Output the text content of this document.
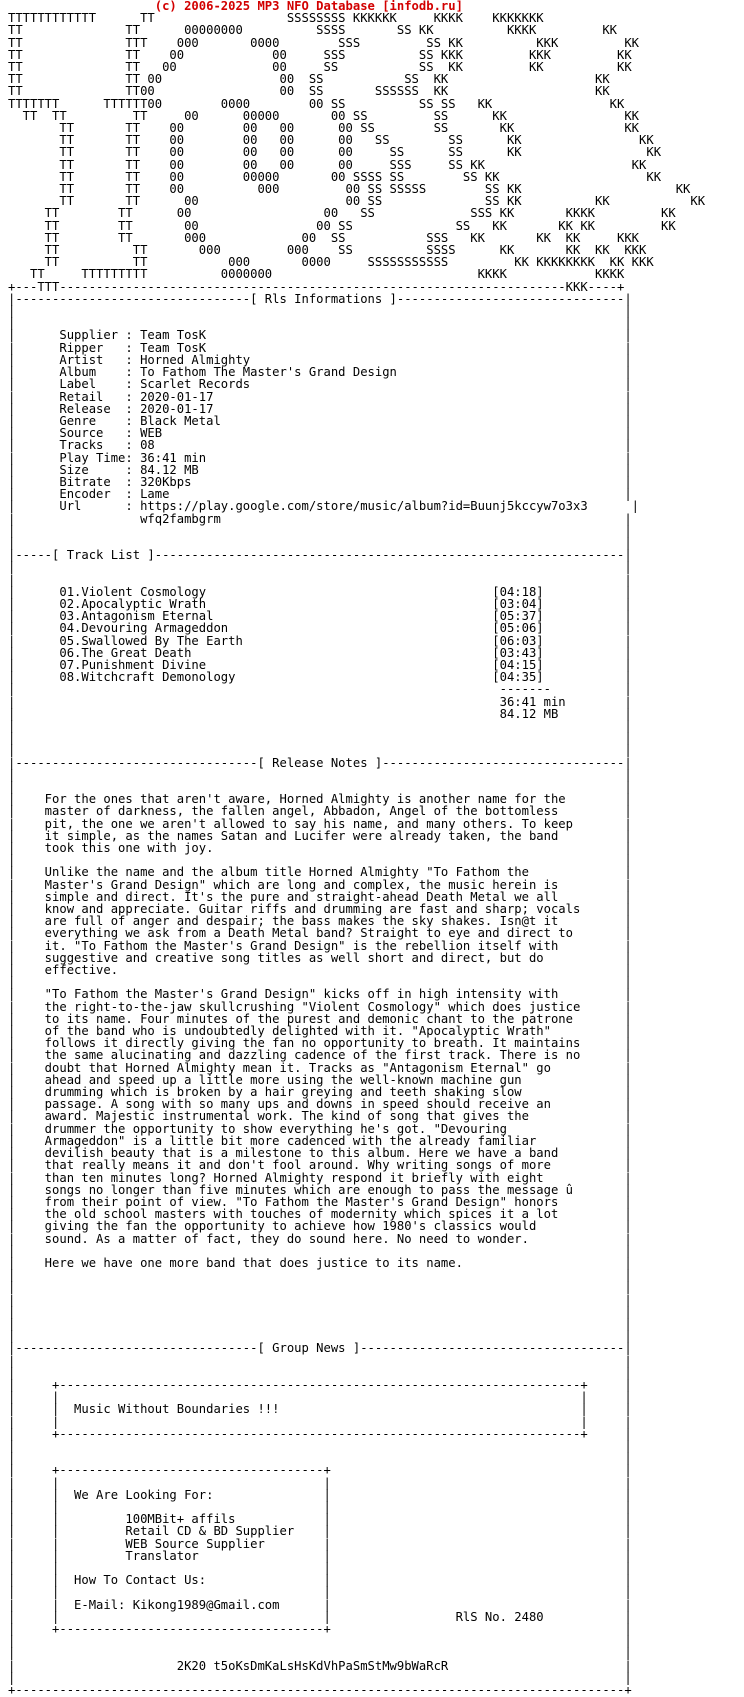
(c) 2006-2025 MP3 NFO Database [infodb.ru]
TTTTTTTTTTTT      TT                  SSSSSSSS KKKKKK     KKKK    KKKKKKK
TT              TT      00000000          SSSS       SS KK          KKKK         KK
TT              TTT    000       0000        SSS         SS KK          KKK         KK
TT              TT    00            00     SSS          SS KKK         KKK         KK
TT              TT   00             00     SS           SS  KK         KK          KK
TT              TT 00                00  SS           SS  KK                    KK
TT              TT00                 00  SS       SSSSSS  KK                    KK
TTTTTTT      TTTTTT00        0000        00 SS          SS SS   KK                KK
TT  TT         TT     00      00000       00 SS         SS      KK                KK
TT       TT    00        00   00      00 SS        SS       KK               KK
TT       TT    00        00   00      00   SS        SS      KK                KK
TT       TT    00        00   00      00     SS      SS      KK                 KK
TT       TT    00        00   00      00     SSS     SS KK                    KK
TT       TT    00        00000       00 SSSS SS        SS KK                    KK
TT       TT    00          000         00 SS SSSSS        SS KK                     KK
TT       TT      00                    00 SS              SS KK          KK           KK
TT        TT      00                  00   SS             SSS KK       KKKK         KK
TT        TT       00                00 SS              SS   KK       KK KK         KK
TT        TT       000             00  SS           SSS   KK       KK  KK     KKK
TT          TT       000         000    SS          SSSS      KK       KK  KK  KKK
TT          TT           000       0000     SSSSSSSSSSS         KK KKKKKKKK  KK KKK
TT     TTTTTTTTT          0000000                            KKKK            KKKK
+---TTT---------------------------------------------------------------------KKK----+
|--------------------------------[ Rls Informations ]-------------------------------|
|                                                                                   |
|                                                                                   |
|      Supplier : Team TosK                                                         |
|      Ripper   : Team TosK                                                         |
|      Artist   : Horned Almighty                                                   |
|      Album    : To Fathom The Master's Grand Design                               |
|      Label    : Scarlet Records                                                   |
|      Retail   : 2020-01-17                                                        |
|      Release  : 2020-01-17                                                        |
|      Genre    : Black Metal                                                       |
|      Source   : WEB                                                               |
|      Tracks   : 08                                                                |
|      Play Time: 36:41 min                                                         |
|      Size     : 84.12 MB                                                          |
|      Bitrate  : 320Kbps                                                           |
|      Encoder  : Lame                                                              |
|      Url      : https://play.google.com/store/music/album?id=Buunj5kccyw7o3x3      |
|                 wfq2fambgrm                                                       |
|                                                                                   |
|                                                                                   |
|-----[ Track List ]----------------------------------------------------------------|
|                                                                                   |
|                                                                                   |
|      01.Violent Cosmology                                       [04:18]           |
|      02.Apocalyptic Wrath                                       [03:04]           |
|      03.Antagonism Eternal                                      [05:37]           |
|      04.Devouring Armageddon                                    [05:06]           |
|      05.Swallowed By The Earth                                  [06:03]           |
|      06.The Great Death                                         [03:43]           |
|      07.Punishment Divine                                       [04:15]           |
|      08.Witchcraft Demonology                                   [04:35]           |
|                                                                  -------          |
|                                                                  36:41 min        |
|                                                                  84.12 MB         |
|                                                                                   |
|                                                                                   |
|                                                                                   |
|---------------------------------[ Release Notes ]---------------------------------|
|                                                                                   |
|                                                                                   |
|    For the ones that aren't aware, Horned Almighty is another name for the        |
|    master of darkness, the fallen angel, Abbadon, Angel of the bottomless         |
|    pit, the one we aren't allowed to say his name, and many others. To keep       |
|    it simple, as the names Satan and Lucifer were already taken, the band         |
|    took this one with joy.                                                        |
|                                                                                   |
|    Unlike the name and the album title Horned Almighty "To Fathom the             |
|    Master's Grand Design" which are long and complex, the music herein is         |
|    simple and direct. It's the pure and straight-ahead Death Metal we all         |
|    know and appreciate. Guitar riffs and drumming are fast and sharp; vocals      |
|    are full of anger and despair; the bass makes the sky shakes. Isn@t it         |
|    everything we ask from a Death Metal band? Straight to eye and direct to       |
|    it. "To Fathom the Master's Grand Design" is the rebellion itself with         |
|    suggestive and creative song titles as well short and direct, but do           |
|    effective.                                                                     |
|                                                                                   |
|    "To Fathom the Master's Grand Design" kicks off in high intensity with         |
|    the right-to-the-jaw skullcrushing "Violent Cosmology" which does justice      |
|    to its name. Four minutes of the purest and demonic chant to the patrone       |
|    of the band who is undoubtedly delighted with it. "Apocalyptic Wrath"          |
|    follows it directly giving the fan no opportunity to breath. It maintains      |
|    the same alucinating and dazzling cadence of the first track. There is no      |
|    doubt that Horned Almighty mean it. Tracks as "Antagonism Eternal" go          |
|    ahead and speed up a little more using the well-known machine gun              |
|    drumming which is broken by a hair greying and teeth shaking slow              |
|    passage. A song with so many ups and downs in speed should receive an          |
|    award. Majestic instrumental work. The kind of song that gives the             |
|    drummer the opportunity to show everything he's got. "Devouring                |
|    Armageddon" is a little bit more cadenced with the already familiar            |
|    devilish beauty that is a milestone to this album. Here we have a band         |
|    that really means it and don't fool around. Why writing songs of more          |
|    than ten minutes long? Horned Almighty respond it briefly with eight           |
|    songs no longer than five minutes which are enough to pass the message û       |
|    from their point of view. "To Fathom the Master's Grand Design" honors         |
|    the old school masters with touches of modernity which spices it a lot         |
|    giving the fan the opportunity to achieve how 1980's classics would            |
|    sound. As a matter of fact, they do sound here. No need to wonder.             |
|                                                                                   |
|    Here we have one more band that does justice to its name.                      |
|                                                                                   |
|                                                                                   |
|                                                                                   |
|                                                                                   |
|                                                                                   |
|                                                                                   |
|---------------------------------[ Group News ]------------------------------------|
|                                                                                   |
|                                                                                   |
|     +-----------------------------------------------------------------------+     |
|     |                                                                       |     |
|     |  Music Without Boundaries !!!                                         |     |
|     |                                                                       |     |
|     +-----------------------------------------------------------------------+     |
|                                                                                   |
|                                                                                   |
|     +------------------------------------+                                        |
|     |                                    |                                        |
|     |  We Are Looking For:               |                                        |
|     |                                    |                                        |
|     |         100MBit+ affils            |                                        |
|     |         Retail CD & BD Supplier    |                                        |
|     |         WEB Source Supplier        |                                        |
|     |         Translator                 |                                        |
|     |                                    |                                        |
|     |  How To Contact Us:                |                                        |
|     |                                    |                                        |
|     |  E-Mail: Kikong1989@Gmail.com      |                                        |
|     |                                    |                 RlS No. 2480           |
|     +------------------------------------+                                        |
|                                                                                   |
|                                                                                   |
|                      2K20 t5oKsDmKaLsHsKdVhPaSmStMw9bWaRcR                        |
|                                                                                   |
+-----------------------------------------------------------------------------------+
